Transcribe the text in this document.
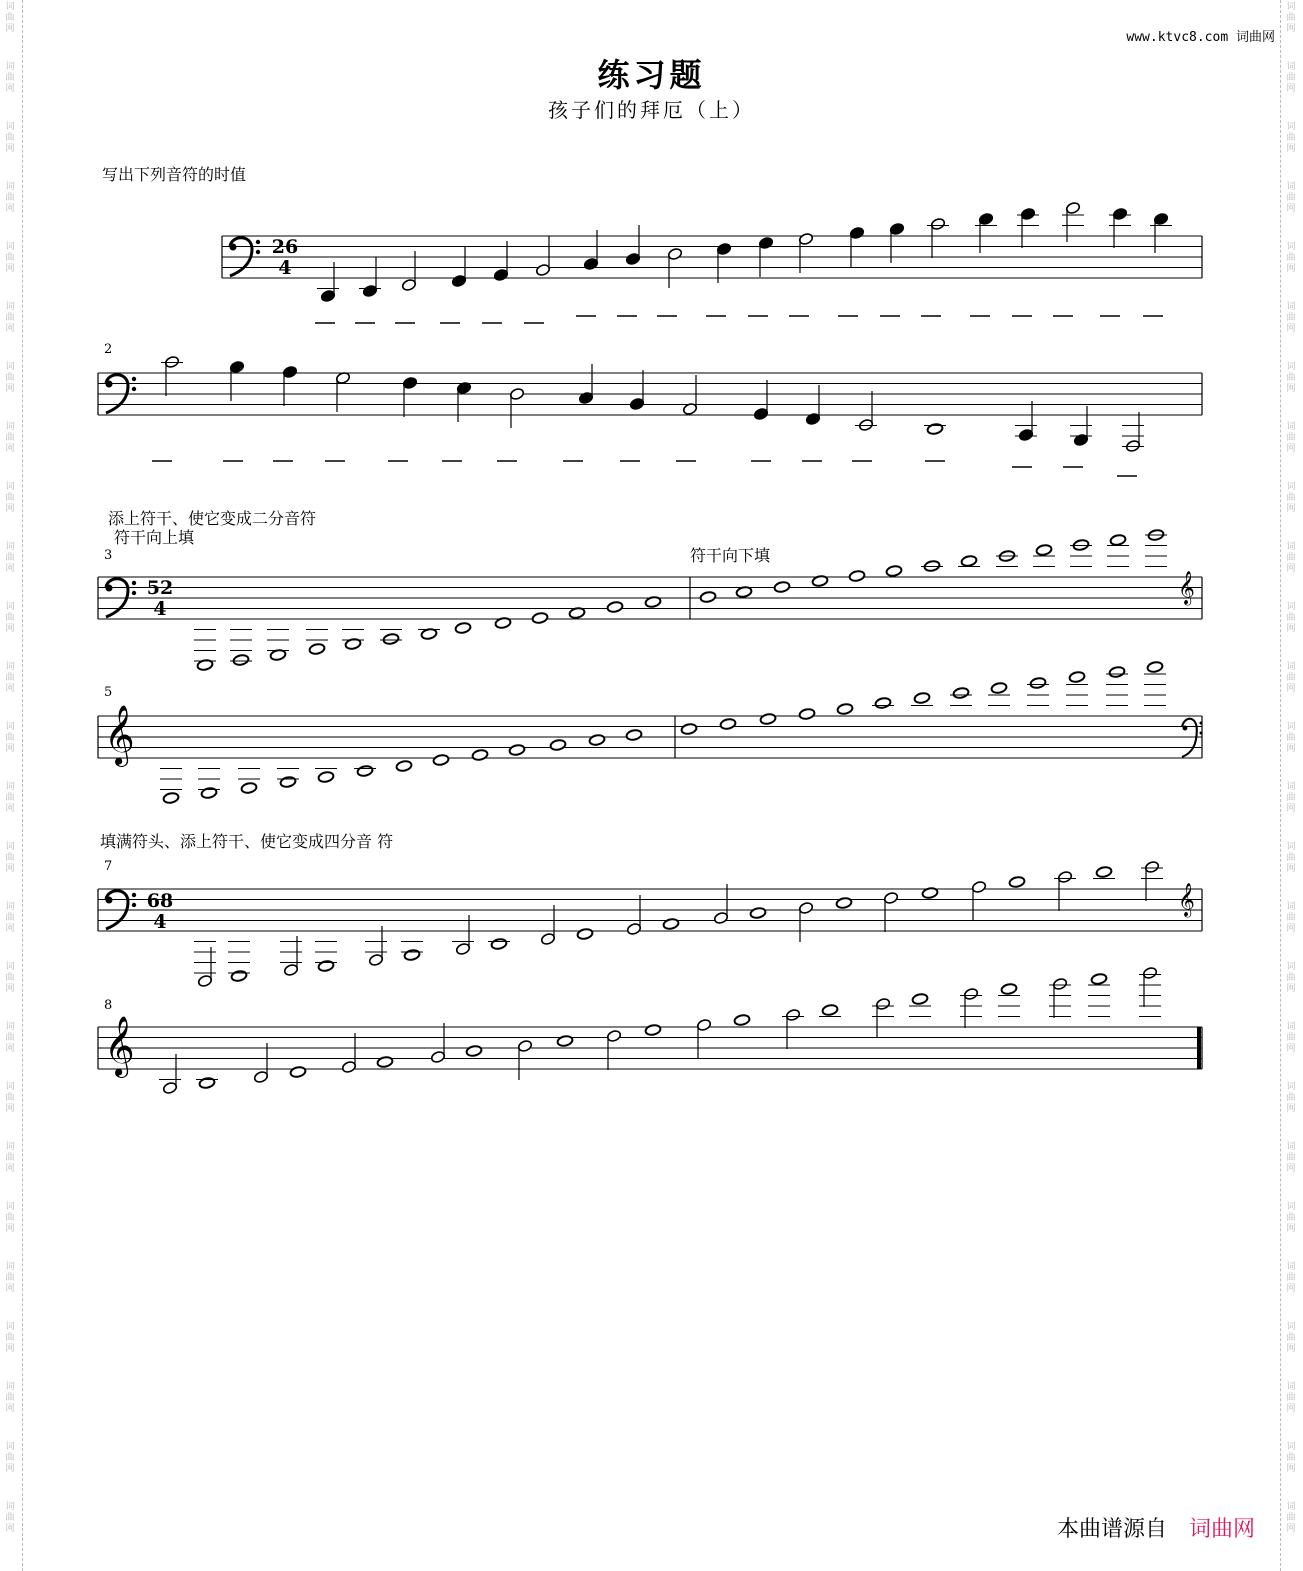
词
曲
网
词
曲
网
词
曲
网
词
曲
网
词
曲
网
词
曲
网
词
曲
网
词
曲
网
词
曲
网
词
曲
网
词
曲
网
词
曲
网
词
曲
网
词
曲
网
词
曲
网
词
曲
网
词
曲
网
词
曲
网
词
曲
网
词
曲
网
词
曲
网
词
曲
网
词
曲
网
词
曲
网
词
曲
网
词
曲
网
词
曲
网
词
曲
网
词
曲
网
词
曲
网
词
曲
网
词
曲
网
词
曲
网
词
曲
网
词
曲
网
词
曲
网
词
曲
网
词
曲
网
词
曲
网
词
曲
网
词
曲
网
词
曲
网
词
曲
网
词
曲
网
词
曲
网
词
曲
网
词
曲
网
词
曲
网
词
曲
网
词
曲
网
词
曲
网
词
曲
网
www.ktvc8.com 词曲网
练习题
孩子们的拜厄（上）
写出下列音符的时值
添上符干、使它变成二分音符
符干向上填
符干向下填
填满符头、添上符干、使它变成四分音 符
2
3
5
7
8
26
4
52
4
68
4
𝄞
𝄞
𝄞
𝄞
本曲谱源自 词曲网
